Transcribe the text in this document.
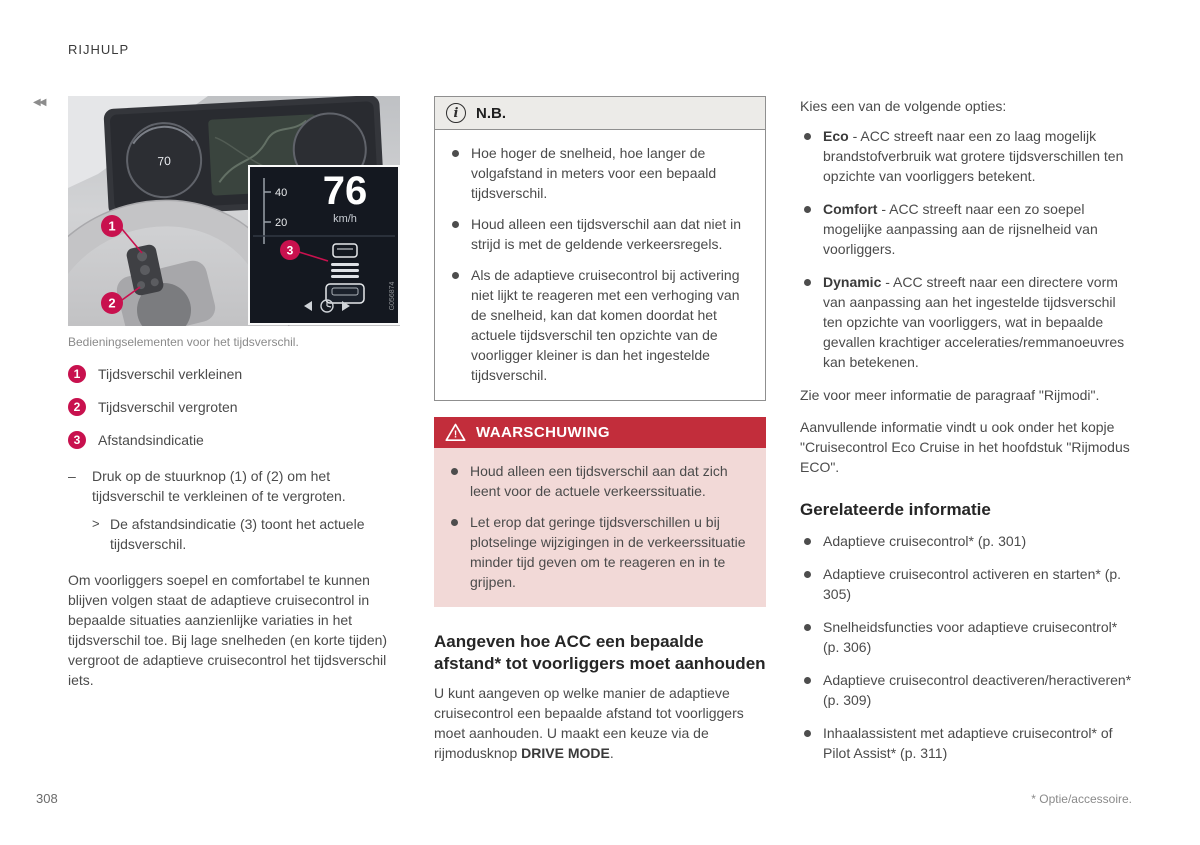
RIJHULP
◀◀
70
40
20
76
km/h
3
G056874
1
2

Bedieningselementen voor het tijdsverschil.

1	Tijdsverschil verkleinen
2	Tijdsverschil vergroten
3	Afstandsindicatie
–	Druk op de stuurknop (1) of (2) om het tijdsverschil te verkleinen of te vergroten.

> De afstandsindicatie (3) toont het actuele tijdsverschil.

Om voorliggers soepel en comfortabel te kunnen blijven volgen staat de adaptieve cruisecontrol in bepaalde situaties aanzienlijke variaties in het tijdsverschil toe. Bij lage snelheden (en korte tijden) vergroot de adaptieve cruisecontrol het tijdsverschil iets.

i	N.B.
Hoe hoger de snelheid, hoe langer de volgafstand in meters voor een bepaald tijdsverschil.
Houd alleen een tijdsverschil aan dat niet in strijd is met de geldende verkeersregels.
Als de adaptieve cruisecontrol bij activering niet lijkt te reageren met een verhoging van de snelheid, kan dat komen doordat het actuele tijdsverschil ten opzichte van de voorligger kleiner is dan het ingestelde tijdsverschil.
! WAARSCHUWING
Houd alleen een tijdsverschil aan dat zich leent voor de actuele verkeerssituatie.
Let erop dat geringe tijdsverschillen u bij plotselinge wijzigingen in de verkeerssituatie minder tijd geven om te reageren en in te grijpen.
Aangeven hoe ACC een bepaalde afstand* tot voorliggers moet aanhouden

U kunt aangeven op welke manier de adaptieve cruisecontrol een bepaalde afstand tot voorliggers moet aanhouden. U maakt een keuze via de rijmodusknop DRIVE MODE.

Kies een van de volgende opties:

Eco - ACC streeft naar een zo laag mogelijk brandstofverbruik wat grotere tijdsverschillen ten opzichte van voorliggers betekent.
Comfort - ACC streeft naar een zo soepel mogelijke aanpassing aan de rijsnelheid van voorliggers.
Dynamic - ACC streeft naar een directere vorm van aanpassing aan het ingestelde tijdsverschil ten opzichte van voorliggers, wat in bepaalde gevallen krachtiger acceleraties/remmanoeuvres kan betekenen.

Zie voor meer informatie de paragraaf "Rijmodi".

Aanvullende informatie vindt u ook onder het kopje "Cruisecontrol Eco Cruise in het hoofdstuk "Rijmodus ECO".

Gerelateerde informatie
Adaptieve cruisecontrol* (p. 301)
Adaptieve cruisecontrol activeren en starten* (p. 305)
Snelheidsfuncties voor adaptieve cruisecontrol* (p. 306)
Adaptieve cruisecontrol deactiveren/heractiveren* (p. 309)
Inhaalassistent met adaptieve cruisecontrol* of Pilot Assist* (p. 311)
308	* Optie/accessoire.
